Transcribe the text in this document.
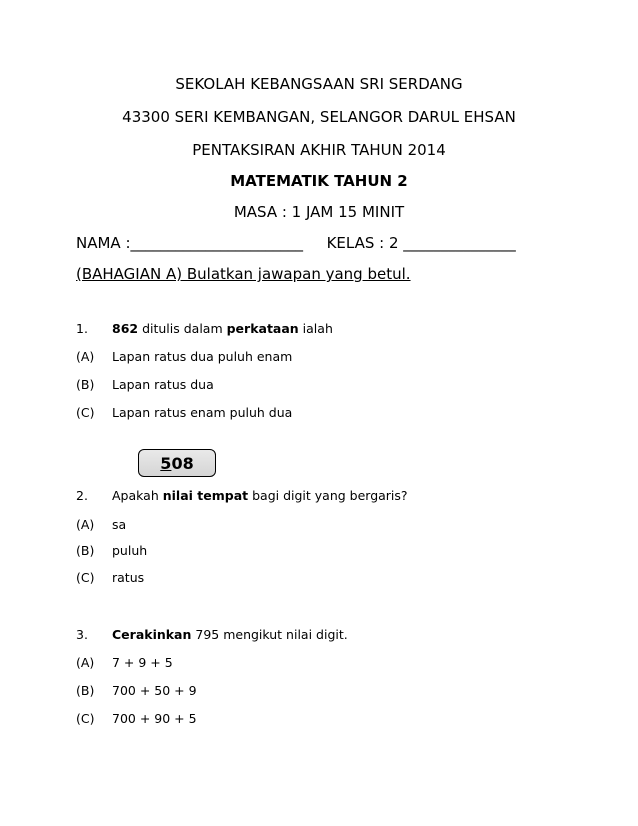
SEKOLAH KEBANGSAAN SRI SERDANG
43300 SERI KEMBANGAN, SELANGOR DARUL EHSAN
PENTAKSIRAN AKHIR TAHUN 2014
MATEMATIK TAHUN 2
MASA : 1 JAM 15 MINIT
NAMA :_______________________ KELAS : 2 _______________
(BAHAGIAN A) Bulatkan jawapan yang betul.
1. 862 ditulis dalam perkataan ialah
(A) Lapan ratus dua puluh enam
(B) Lapan ratus dua
(C) Lapan ratus enam puluh dua
5 08
2. Apakah nilai tempat bagi digit yang bergaris?
(A) sa
(B) puluh
(C) ratus
3. Cerakinkan 795 mengikut nilai digit.
(A) 7 + 9 + 5
(B) 700 + 50 + 9
(C) 700 + 90 + 5
